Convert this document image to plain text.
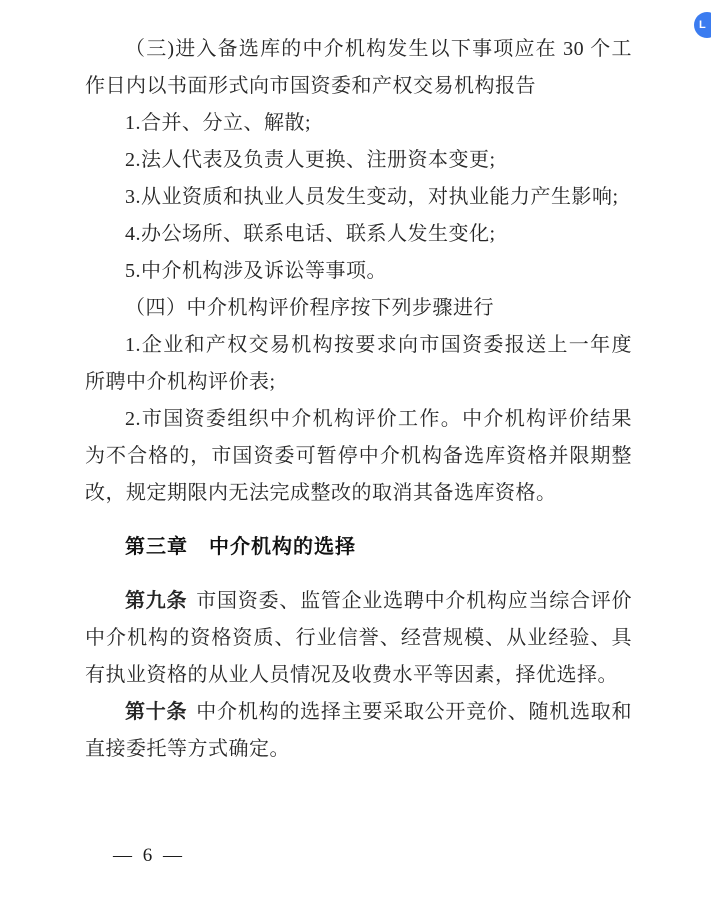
L

（三)进入备选库的中介机构发生以下事项应在 30 个工作日内以书面形式向市国资委和产权交易机构报告

1.合并、分立、解散;

2.法人代表及负责人更换、注册资本变更;

3.从业资质和执业人员发生变动，对执业能力产生影响;

4.办公场所、联系电话、联系人发生变化;

5.中介机构涉及诉讼等事项。

（四）中介机构评价程序按下列步骤进行

1.企业和产权交易机构按要求向市国资委报送上一年度所聘中介机构评价表;

2.市国资委组织中介机构评价工作。中介机构评价结果为不合格的，市国资委可暂停中介机构备选库资格并限期整改，规定期限内无法完成整改的取消其备选库资格。

第三章　中介机构的选择

第九条 市国资委、监管企业选聘中介机构应当综合评价中介机构的资格资质、行业信誉、经营规模、从业经验、具有执业资格的从业人员情况及收费水平等因素，择优选择。

第十条 中介机构的选择主要采取公开竞价、随机选取和直接委托等方式确定。

— 6 —
